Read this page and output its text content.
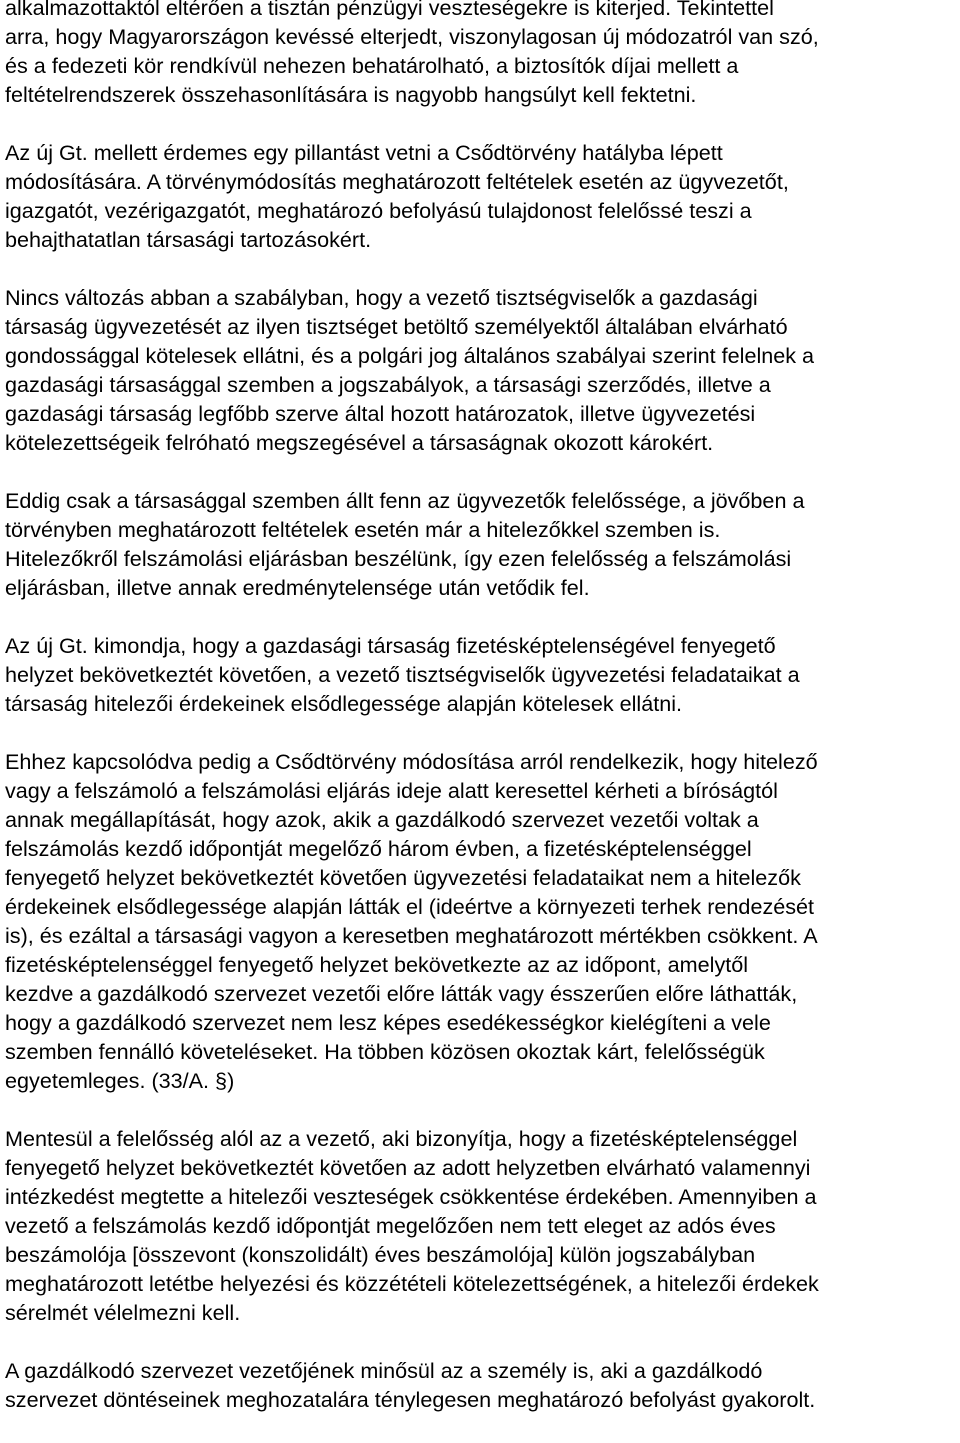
alkalmazottaktól eltérően a tisztán pénzügyi veszteségekre is kiterjed. Tekintettel
arra, hogy Magyarországon kevéssé elterjedt, viszonylagosan új módozatról van szó,
és a fedezeti kör rendkívül nehezen behatárolható, a biztosítók díjai mellett a
feltételrendszerek összehasonlítására is nagyobb hangsúlyt kell fektetni.
Az új Gt. mellett érdemes egy pillantást vetni a Csődtörvény hatályba lépett
módosítására. A törvénymódosítás meghatározott feltételek esetén az ügyvezetőt,
igazgatót, vezérigazgatót, meghatározó befolyású tulajdonost felelőssé teszi a
behajthatatlan társasági tartozásokért.
Nincs változás abban a szabályban, hogy a vezető tisztségviselők a gazdasági
társaság ügyvezetését az ilyen tisztséget betöltő személyektől általában elvárható
gondossággal kötelesek ellátni, és a polgári jog általános szabályai szerint felelnek a
gazdasági társasággal szemben a jogszabályok, a társasági szerződés, illetve a
gazdasági társaság legfőbb szerve által hozott határozatok, illetve ügyvezetési
kötelezettségeik felróható megszegésével a társaságnak okozott károkért.
Eddig csak a társasággal szemben állt fenn az ügyvezetők felelőssége, a jövőben a
törvényben meghatározott feltételek esetén már a hitelezőkkel szemben is.
Hitelezőkről felszámolási eljárásban beszélünk, így ezen felelősség a felszámolási
eljárásban, illetve annak eredménytelensége után vetődik fel.
Az új Gt. kimondja, hogy a gazdasági társaság fizetésképtelenségével fenyegető
helyzet bekövetkeztét követően, a vezető tisztségviselők ügyvezetési feladataikat a
társaság hitelezői érdekeinek elsődlegessége alapján kötelesek ellátni.
Ehhez kapcsolódva pedig a Csődtörvény módosítása arról rendelkezik, hogy hitelező
vagy a felszámoló a felszámolási eljárás ideje alatt keresettel kérheti a bíróságtól
annak megállapítását, hogy azok, akik a gazdálkodó szervezet vezetői voltak a
felszámolás kezdő időpontját megelőző három évben, a fizetésképtelenséggel
fenyegető helyzet bekövetkeztét követően ügyvezetési feladataikat nem a hitelezők
érdekeinek elsődlegessége alapján látták el (ideértve a környezeti terhek rendezését
is), és ezáltal a társasági vagyon a keresetben meghatározott mértékben csökkent. A
fizetésképtelenséggel fenyegető helyzet bekövetkezte az az időpont, amelytől
kezdve a gazdálkodó szervezet vezetői előre látták vagy ésszerűen előre láthatták,
hogy a gazdálkodó szervezet nem lesz képes esedékességkor kielégíteni a vele
szemben fennálló követeléseket. Ha többen közösen okoztak kárt, felelősségük
egyetemleges. (33/A. §)
Mentesül a felelősség alól az a vezető, aki bizonyítja, hogy a fizetésképtelenséggel
fenyegető helyzet bekövetkeztét követően az adott helyzetben elvárható valamennyi
intézkedést megtette a hitelezői veszteségek csökkentése érdekében. Amennyiben a
vezető a felszámolás kezdő időpontját megelőzően nem tett eleget az adós éves
beszámolója [összevont (konszolidált) éves beszámolója] külön jogszabályban
meghatározott letétbe helyezési és közzétételi kötelezettségének, a hitelezői érdekek
sérelmét vélelmezni kell.
A gazdálkodó szervezet vezetőjének minősül az a személy is, aki a gazdálkodó
szervezet döntéseinek meghozatalára ténylegesen meghatározó befolyást gyakorolt.
